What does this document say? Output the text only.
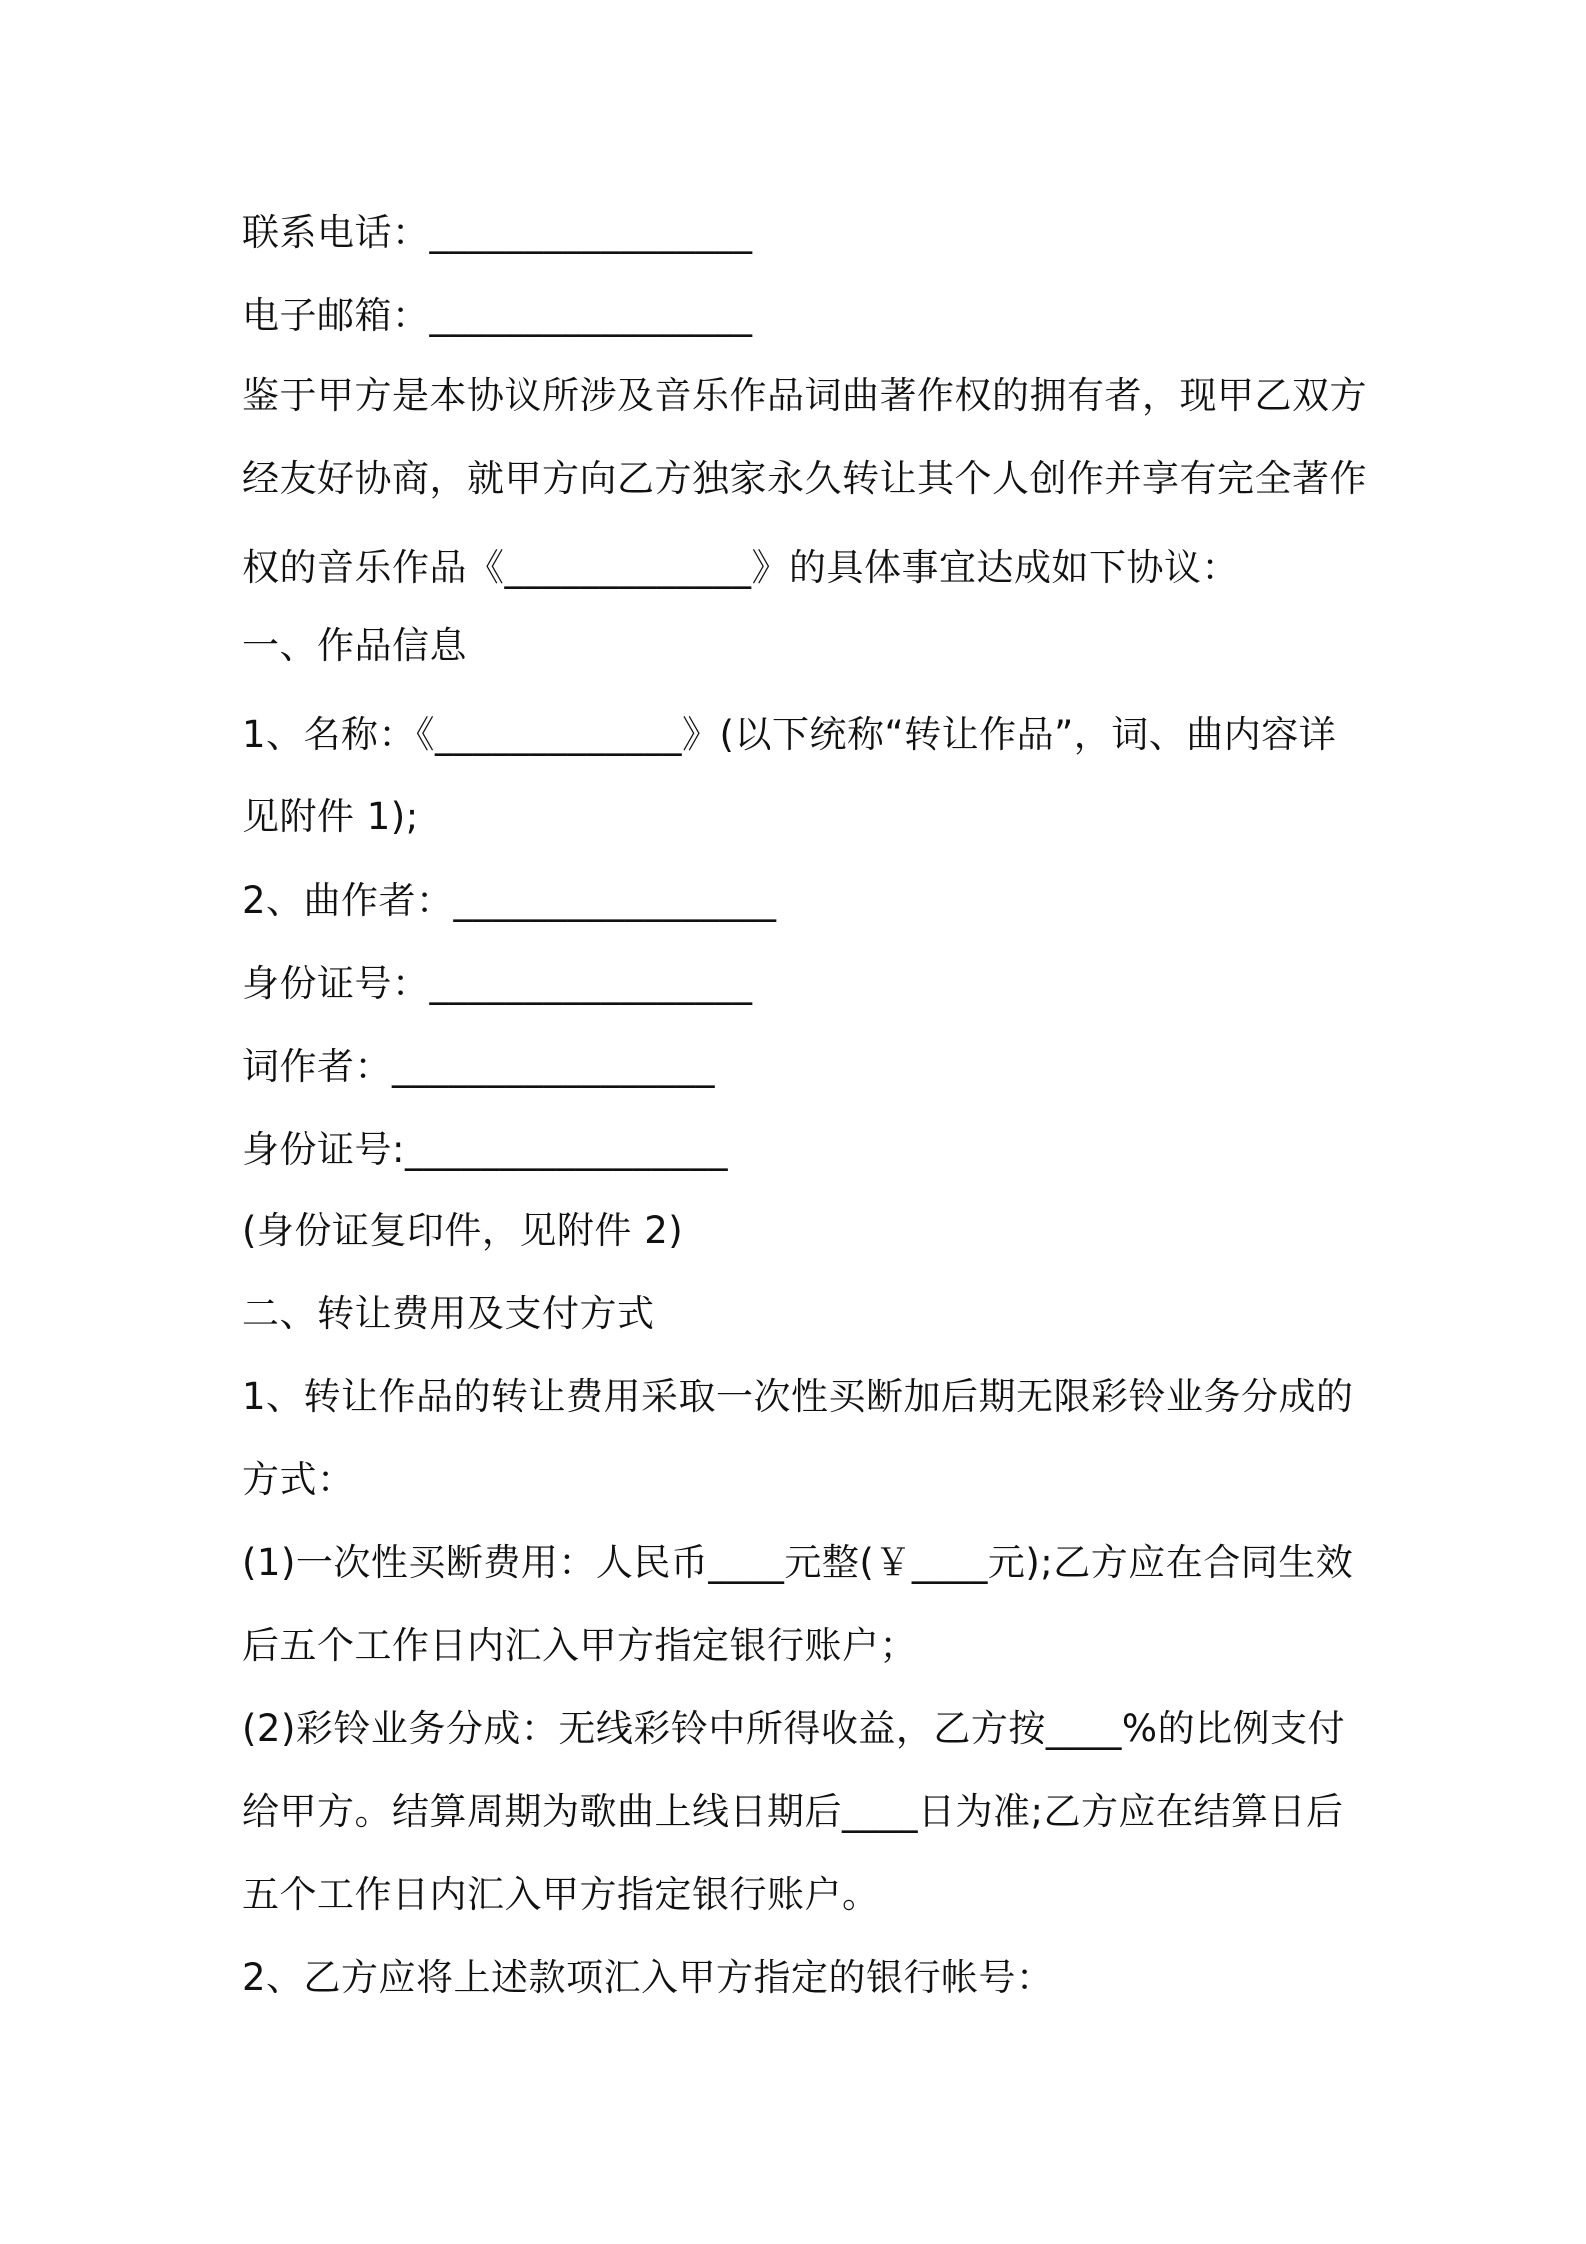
联系电话：_________________
电子邮箱：_________________
鉴于甲方是本协议所涉及音乐作品词曲著作权的拥有者，现甲乙双方
经友好协商，就甲方向乙方独家永久转让其个人创作并享有完全著作
权的音乐作品《_____________》的具体事宜达成如下协议：
一、作品信息
1、名称：《_____________》(以下统称“转让作品”，词、曲内容详
见附件 1);
2、曲作者：_________________
身份证号：_________________
词作者：_________________
身份证号:_________________
(身份证复印件，见附件 2)
二、转让费用及支付方式
1、转让作品的转让费用采取一次性买断加后期无限彩铃业务分成的
方式：
(1)一次性买断费用：人民币____元整(￥____元);乙方应在合同生效
后五个工作日内汇入甲方指定银行账户；
(2)彩铃业务分成：无线彩铃中所得收益，乙方按____%的比例支付
给甲方。结算周期为歌曲上线日期后____日为准;乙方应在结算日后
五个工作日内汇入甲方指定银行账户。
2、乙方应将上述款项汇入甲方指定的银行帐号：
